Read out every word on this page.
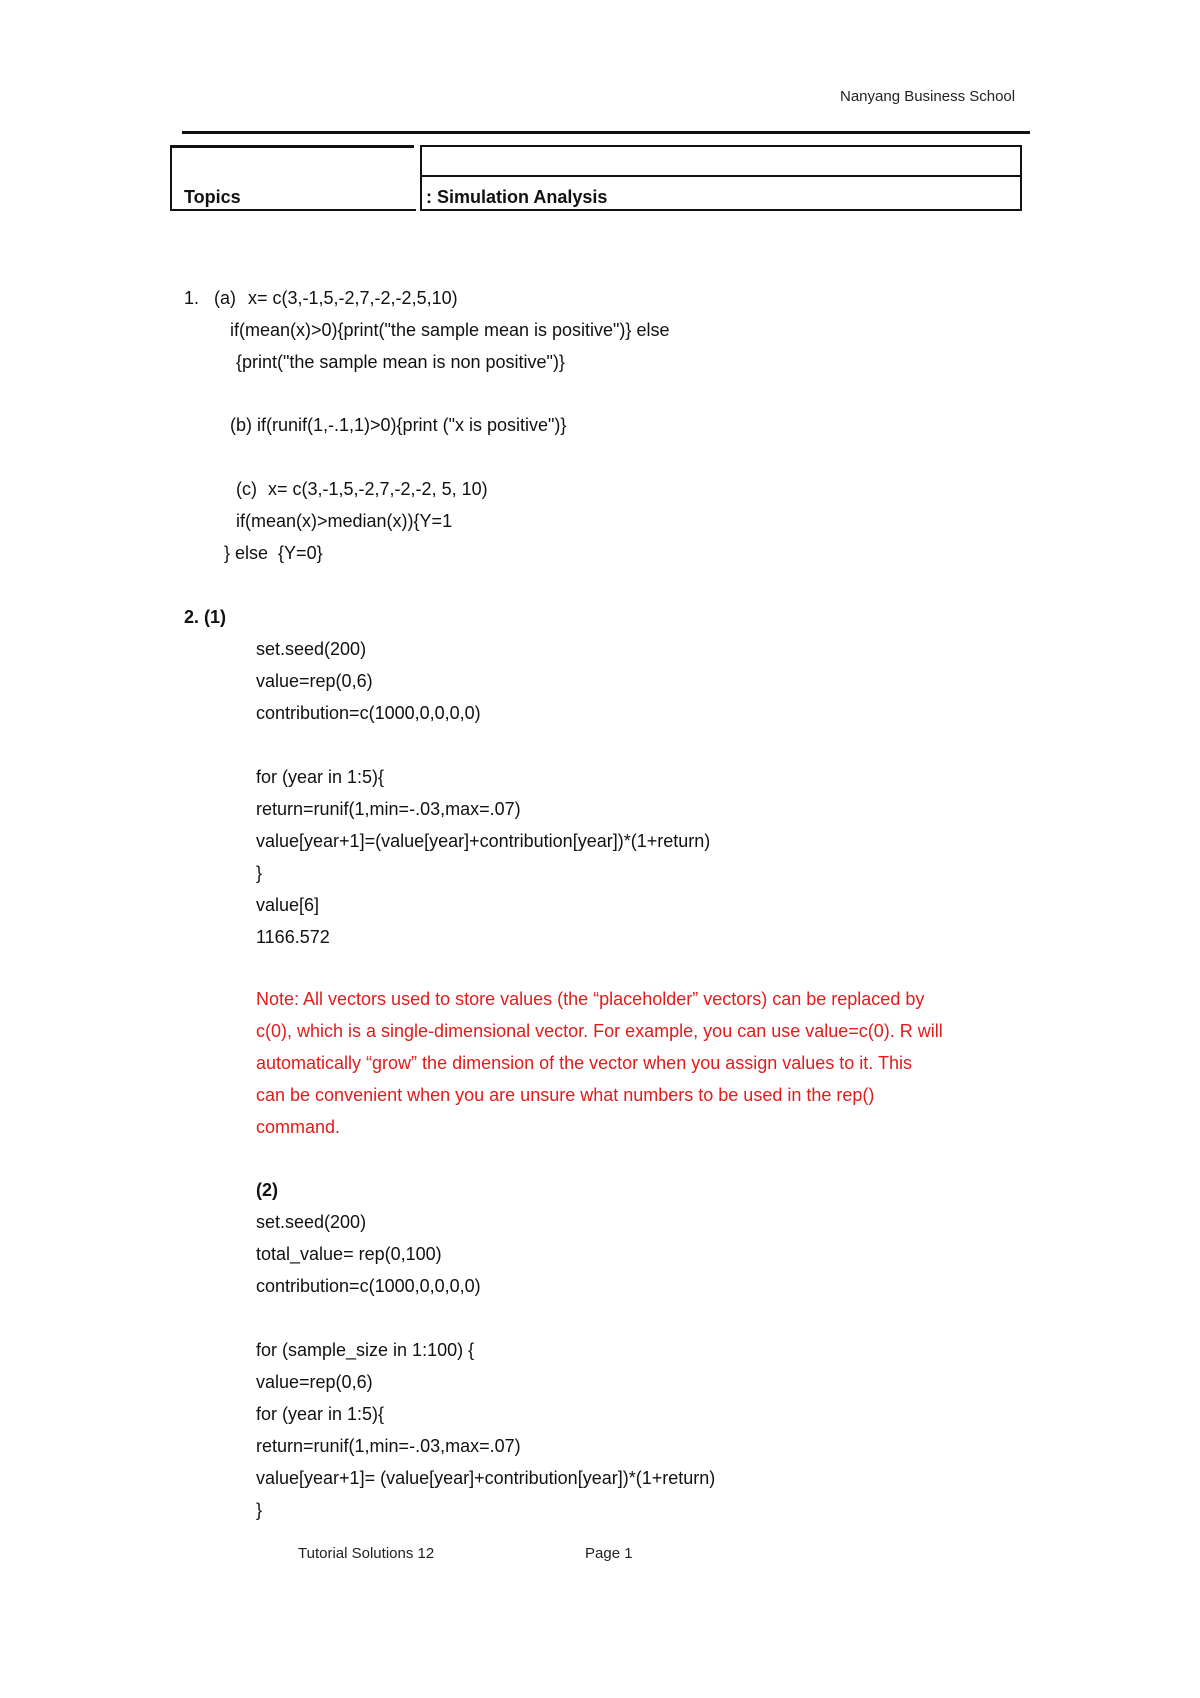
Nanyang Business School
Topics	: Simulation Analysis
1. (a) x= c(3,-1,5,-2,7,-2,-2,5,10)
if(mean(x)>0){print("the sample mean is positive")} else
{print("the sample mean is non positive")}
(b) if(runif(1,-.1,1)>0){print ("x is positive")}
(c) x= c(3,-1,5,-2,7,-2,-2, 5, 10)
if(mean(x)>median(x)){Y=1
} else  {Y=0}
2. (1)
set.seed(200)
value=rep(0,6)
contribution=c(1000,0,0,0,0)
for (year in 1:5){
return=runif(1,min=-.03,max=.07)
value[year+1]=(value[year]+contribution[year])*(1+return)
}
value[6]
1166.572
Note: All vectors used to store values (the “placeholder” vectors) can be replaced by
c(0), which is a single-dimensional vector. For example, you can use value=c(0). R will
automatically “grow” the dimension of the vector when you assign values to it. This
can be convenient when you are unsure what numbers to be used in the rep()
command.
(2)
set.seed(200)
total_value= rep(0,100)
contribution=c(1000,0,0,0,0)
for (sample_size in 1:100) {
value=rep(0,6)
for (year in 1:5){
return=runif(1,min=-.03,max=.07)
value[year+1]= (value[year]+contribution[year])*(1+return)
}
Tutorial Solutions 12	Page 1
